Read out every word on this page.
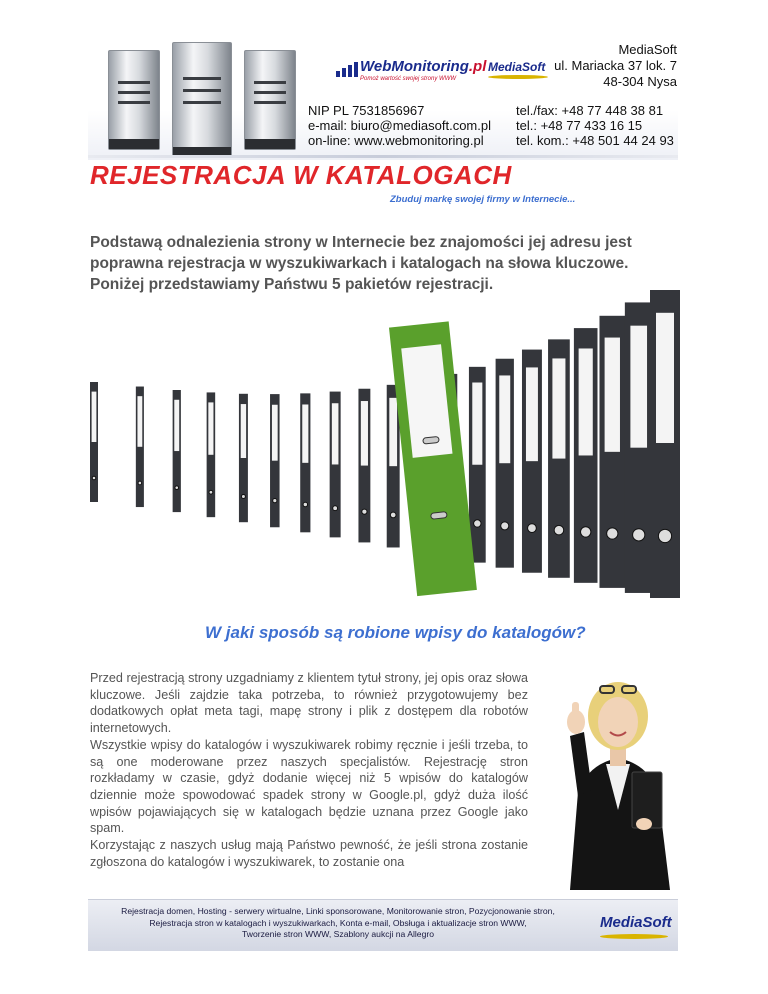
WebMonitoring.pl
Pomoż wartość swojej strony WWW
MediaSoft
MediaSoft
ul. Mariacka 37 lok. 7
48-304 Nysa
NIP PL 7531856967
e-mail: biuro@mediasoft.com.pl
on-line: www.webmonitoring.pl
tel./fax: +48 77 448 38 81
tel.: +48 77 433 16 15
tel. kom.: +48 501 44 24 93
REJESTRACJA W KATALOGACH
Zbuduj markę swojej firmy w Internecie...
Podstawą odnalezienia strony w Internecie bez znajomości jej adresu jest poprawna rejestracja w wyszukiwarkach i katalogach na słowa kluczowe. Poniżej przedstawiamy Państwu 5 pakietów rejestracji.
W jaki sposób są robione wpisy do katalogów?

Przed rejestracją strony uzgadniamy z klientem tytuł strony, jej opis oraz słowa kluczowe. Jeśli zajdzie taka potrzeba, to również przygotowujemy bez dodatkowych opłat meta tagi, mapę strony i plik z dostępem dla robotów internetowych.

Wszystkie wpisy do katalogów i wyszukiwarek robimy ręcznie i jeśli trzeba, to są one moderowane przez naszych specjalistów. Rejestrację stron rozkładamy w czasie, gdyż dodanie więcej niż 5 wpisów do katalogów dziennie może spowodować spadek strony w Google.pl, gdyż duża ilość wpisów pojawiających się w katalogach będzie uznana przez Google jako spam.

Korzystając z naszych usług mają Państwo pewność, że jeśli strona zostanie zgłoszona do katalogów i wyszukiwarek, to zostanie ona

Rejestracja domen, Hosting - serwery wirtualne, Linki sponsorowane, Monitorowanie stron, Pozycjonowanie stron,
Rejestracja stron w katalogach i wyszukiwarkach, Konta e-mail, Obsługa i aktualizacje stron WWW,
Tworzenie stron WWW, Szablony aukcji na Allegro
MediaSoft
